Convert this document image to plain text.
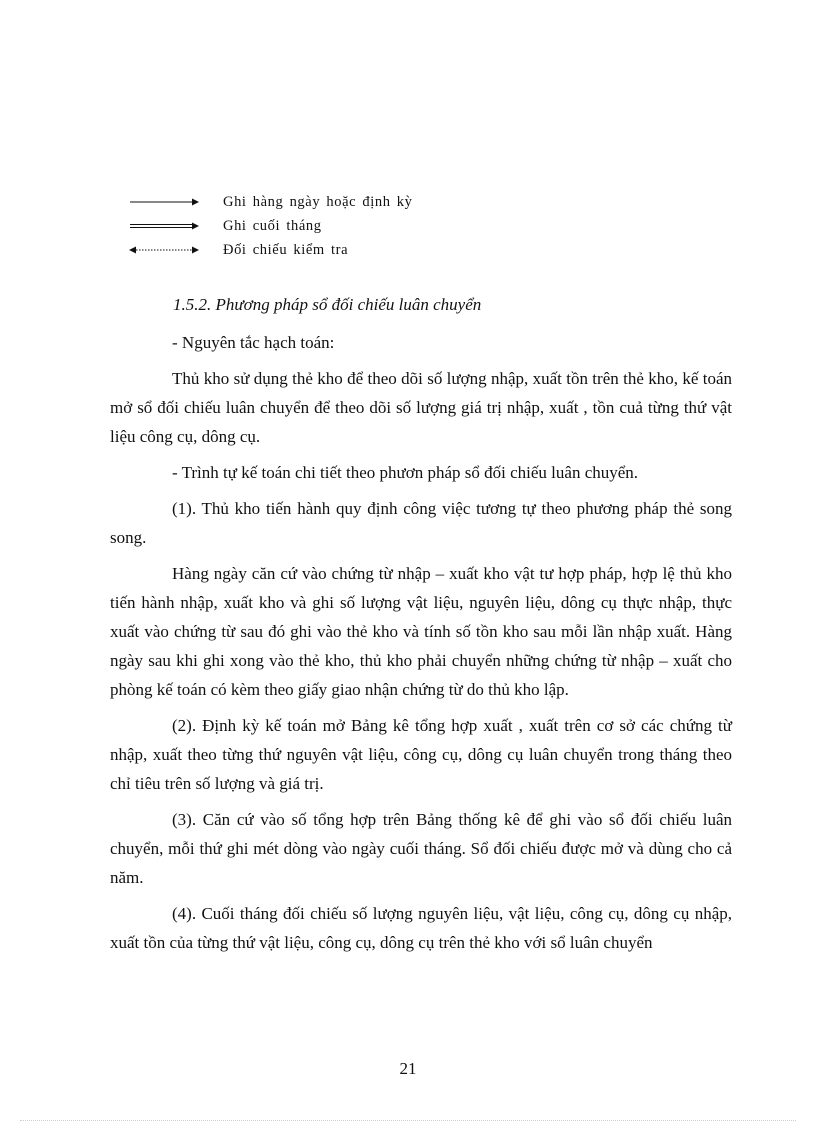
Ghi hàng ngày hoặc định kỳ
Ghi cuối tháng
Đối chiếu kiểm tra
1.5.2. Phương pháp sổ đối chiếu luân chuyển

- Nguyên tắc hạch toán:

Thủ kho sử dụng thẻ kho để theo dõi số lượng nhập, xuất tồn trên thẻ kho, kế toán mở sổ đối chiếu luân chuyển để theo dõi số lượng giá trị nhập, xuất , tồn cuả từng thứ vật liệu công cụ, dông cụ.

- Trình tự kế toán chi tiết theo phươn pháp sổ đối chiếu luân chuyển.

(1). Thủ kho tiến hành quy định công việc tương tự theo phương pháp thẻ song song.

Hàng ngày căn cứ vào chứng từ nhập – xuất kho vật tư hợp pháp, hợp lệ thủ kho tiến hành nhập, xuất kho và ghi số lượng vật liệu, nguyên liệu, dông cụ thực nhập, thực xuất vào chứng từ sau đó ghi vào thẻ kho và tính số tồn kho sau mỗi lần nhập xuất. Hàng ngày sau khi ghi xong vào thẻ kho, thủ kho phải chuyển những chứng từ nhập – xuất cho phòng kế toán có kèm theo giấy giao nhận chứng từ do thủ kho lập.

(2). Định kỳ kế toán mở Bảng kê tổng hợp xuất , xuất trên cơ sở các chứng từ nhập, xuất theo từng thứ nguyên vật liệu, công cụ, dông cụ luân chuyển trong tháng theo chỉ tiêu trên số lượng và giá trị.

(3). Căn cứ vào số tổng hợp trên Bảng thống kê để ghi vào sổ đối chiếu luân chuyển, mỗi thứ ghi mét dòng vào ngày cuối tháng. Sổ đối chiếu được mở và dùng cho cả năm.

(4). Cuối tháng đối chiếu số lượng nguyên liệu, vật liệu, công cụ, dông cụ nhập, xuất tồn của từng thứ vật liệu, công cụ, dông cụ trên thẻ kho với sổ luân chuyển

21
